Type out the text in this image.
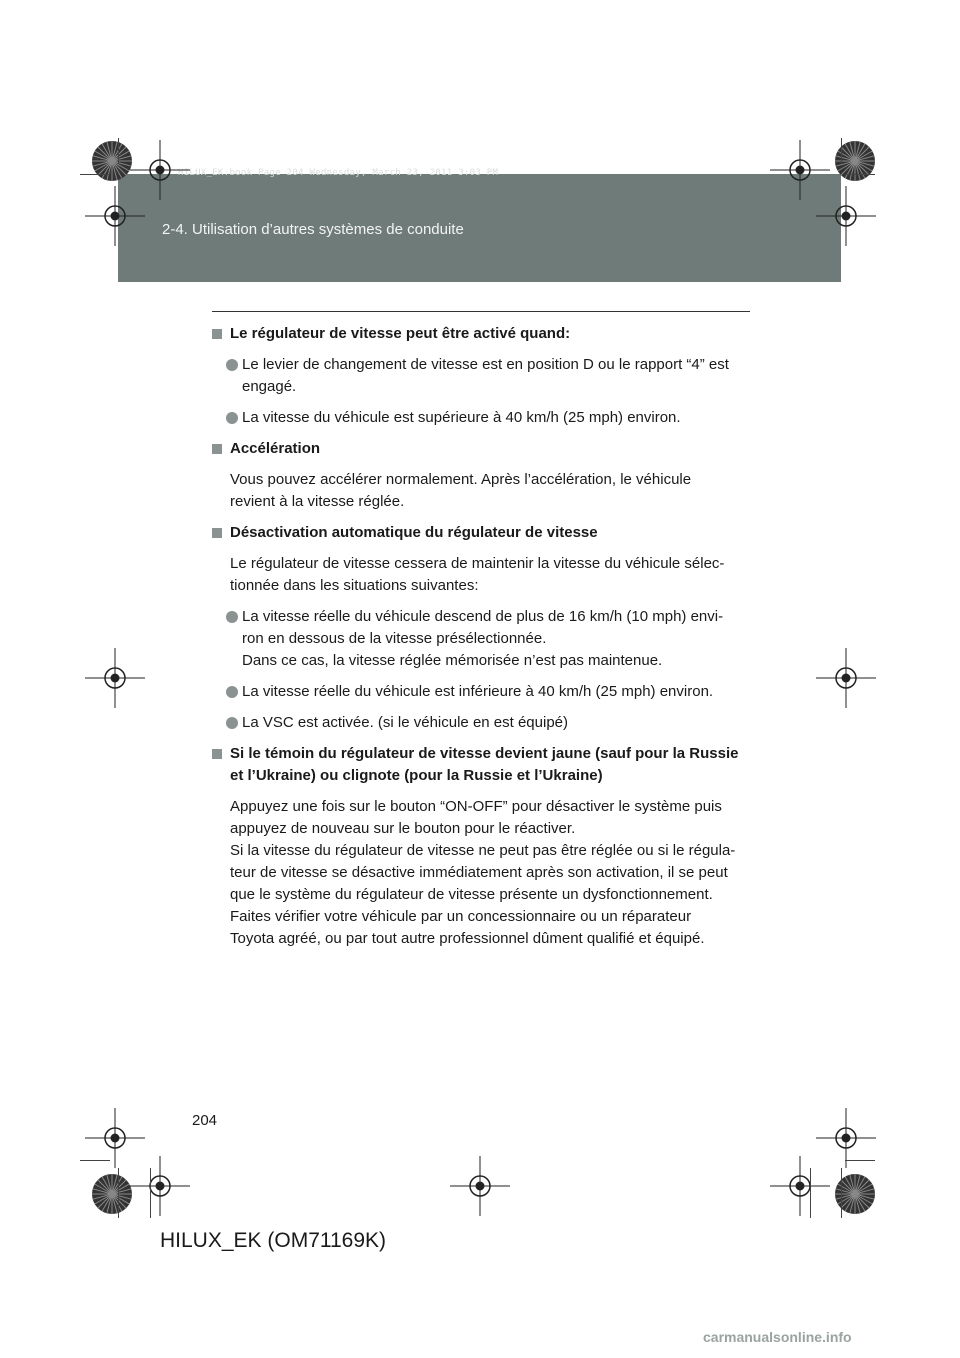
HILUX_EK.book Page 204 Wednesday, March 23, 2011 3:03 PM
2-4. Utilisation d’autres systèmes de conduite
Le régulateur de vitesse peut être activé quand:
Le levier de changement de vitesse est en position D ou le rapport “4” est
engagé.
La vitesse du véhicule est supérieure à 40 km/h (25 mph) environ.
Accélération
Vous pouvez accélérer normalement. Après l’accélération, le véhicule
revient à la vitesse réglée.
Désactivation automatique du régulateur de vitesse
Le régulateur de vitesse cessera de maintenir la vitesse du véhicule sélec-
tionnée dans les situations suivantes:
La vitesse réelle du véhicule descend de plus de 16 km/h (10 mph) envi-
ron en dessous de la vitesse présélectionnée.
Dans ce cas, la vitesse réglée mémorisée n’est pas maintenue.
La vitesse réelle du véhicule est inférieure à 40 km/h (25 mph) environ.
La VSC est activée. (si le véhicule en est équipé)
Si le témoin du régulateur de vitesse devient jaune (sauf pour la Russie
et l’Ukraine) ou clignote (pour la Russie et l’Ukraine)
Appuyez une fois sur le bouton “ON-OFF” pour désactiver le système puis
appuyez de nouveau sur le bouton pour le réactiver.
Si la vitesse du régulateur de vitesse ne peut pas être réglée ou si le régula-
teur de vitesse se désactive immédiatement après son activation, il se peut
que le système du régulateur de vitesse présente un dysfonctionnement.
Faites vérifier votre véhicule par un concessionnaire ou un réparateur
Toyota agréé, ou par tout autre professionnel dûment qualifié et équipé.
204
HILUX_EK (OM71169K)
carmanualsonline.info
